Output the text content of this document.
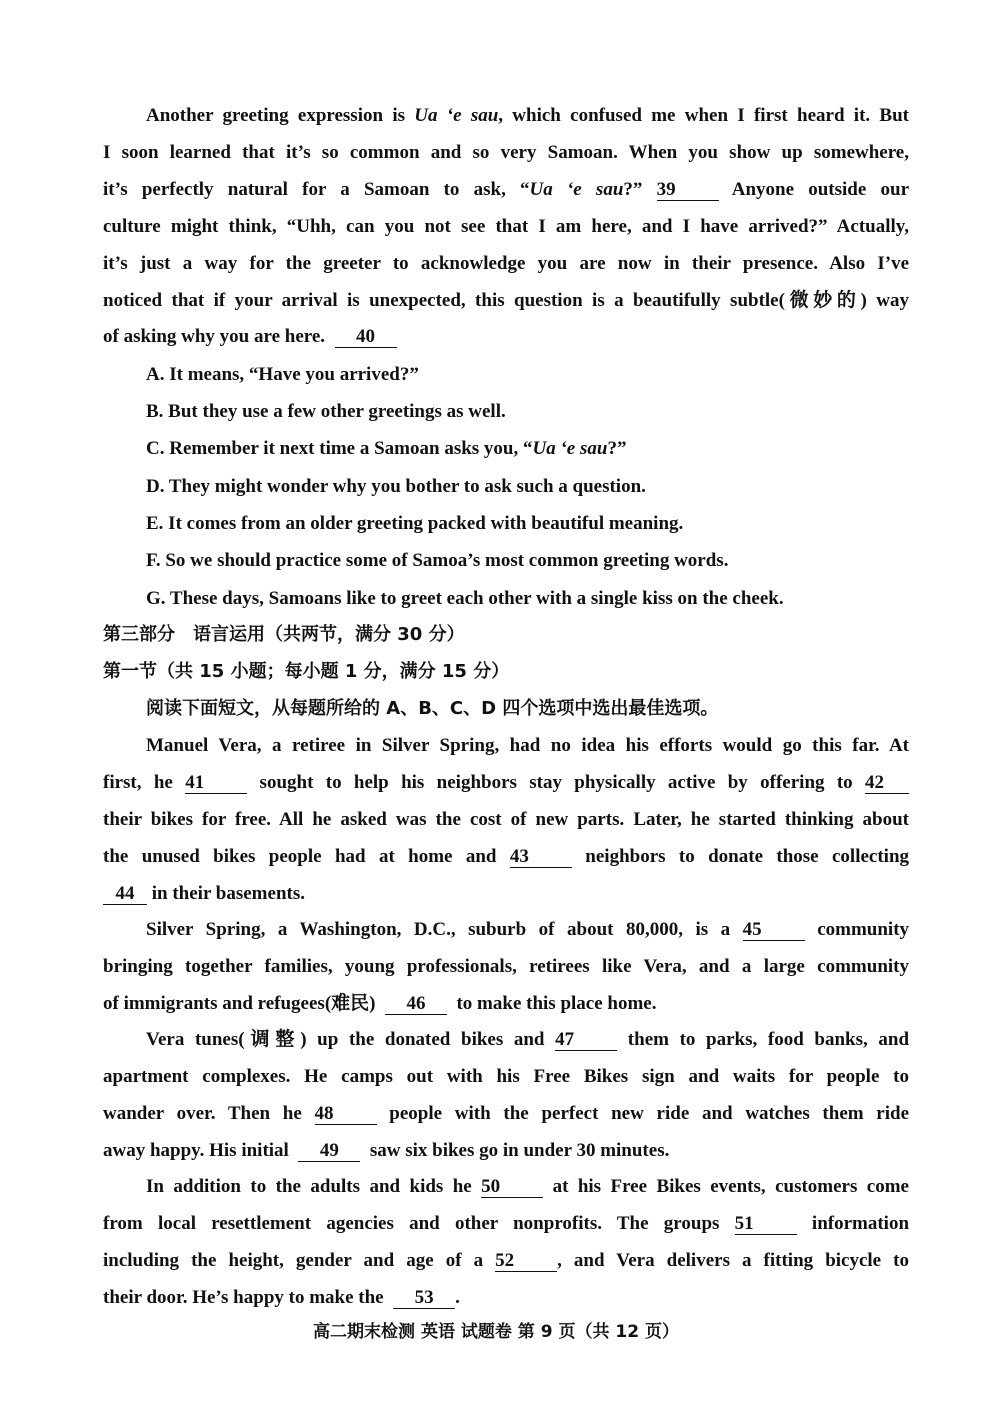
Another greeting expression is Ua ‘e sau, which confused me when I first heard it. But
I soon learned that it’s so common and so very Samoan. When you show up somewhere,
it’s perfectly natural for a Samoan to ask, “Ua ‘e sau?” 39	Anyone outside our
culture might think, “Uhh, can you not see that I am here, and I have arrived?” Actually,
it’s just a way for the greeter to acknowledge you are now in their presence. Also I’ve
noticed that if your arrival is unexpected, this question is a beautifully subtle(微妙的) way
of asking why you are here. 40
A. It means, “Have you arrived?”
B. But they use a few other greetings as well.
C. Remember it next time a Samoan asks you, “Ua ‘e sau?”
D. They might wonder why you bother to ask such a question.
E. It comes from an older greeting packed with beautiful meaning.
F. So we should practice some of Samoa’s most common greeting words.
G. These days, Samoans like to greet each other with a single kiss on the cheek.
第三部分　语言运用（共两节，满分 30 分）
第一节（共 15 小题；每小题 1 分，满分 15 分）
阅读下面短文，从每题所给的 A、B、C、D 四个选项中选出最佳选项。
Manuel Vera, a retiree in Silver Spring, had no idea his efforts would go this far. At
first, he 41	sought to help his neighbors stay physically active by offering to 42
their bikes for free. All he asked was the cost of new parts. Later, he started thinking about
the unused bikes people had at home and 43	neighbors to donate those collecting
44 in their basements.
Silver Spring, a Washington, D.C., suburb of about 80,000, is a 45	community
bringing together families, young professionals, retirees like Vera, and a large community
of immigrants and refugees(难民) 46 to make this place home.
Vera tunes(调整) up the donated bikes and 47	them to parks, food banks, and
apartment complexes. He camps out with his Free Bikes sign and waits for people to
wander over. Then he 48	people with the perfect new ride and watches them ride
away happy. His initial 49 saw six bikes go in under 30 minutes.
In addition to the adults and kids he 50	at his Free Bikes events, customers come
from local resettlement agencies and other nonprofits. The groups 51	information
including the height, gender and age of a 52 , and Vera delivers a fitting bicycle to
their door. He’s happy to make the 53 .
高二期末检测 英语 试题卷 第 9 页（共 12 页）
